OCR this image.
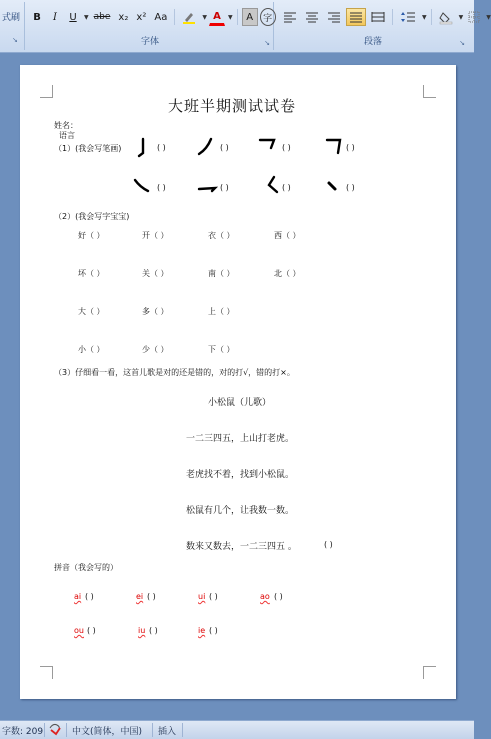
式刷
↘
B	I	U	▼ abe x₂ x² Aa	▼ A	▼	A	字
字体	↘
▼	▼	▼
段落	↘
大班半期测试试卷
姓名：
语言
（1）(我会写笔画)	( )	( )	( )	( )
( )	( )	( )	( )
（2）(我会写字宝宝)
好（ ）	开（ ）	衣（ ）	西（ ）
坏（ ）	关（ ）	南（ ）	北（ ）
大（ ）	多（ ）	上（ ）
小（ ）	少（ ）	下（ ）
（3）仔细看一看，这首儿歌是对的还是错的，对的打√，错的打×。
小松鼠（儿歌）
一二三四五，上山打老虎。
老虎找不着，找到小松鼠。
松鼠有几个，让我数一数。
数来又数去，一二三四五 。	( )
拼音（我会写的）
ai ( )	ei ( )	ui ( )	ao ( )
ou ( )	iu ( )	ie ( )
字数: 209	中文(简体，中国) 插入
